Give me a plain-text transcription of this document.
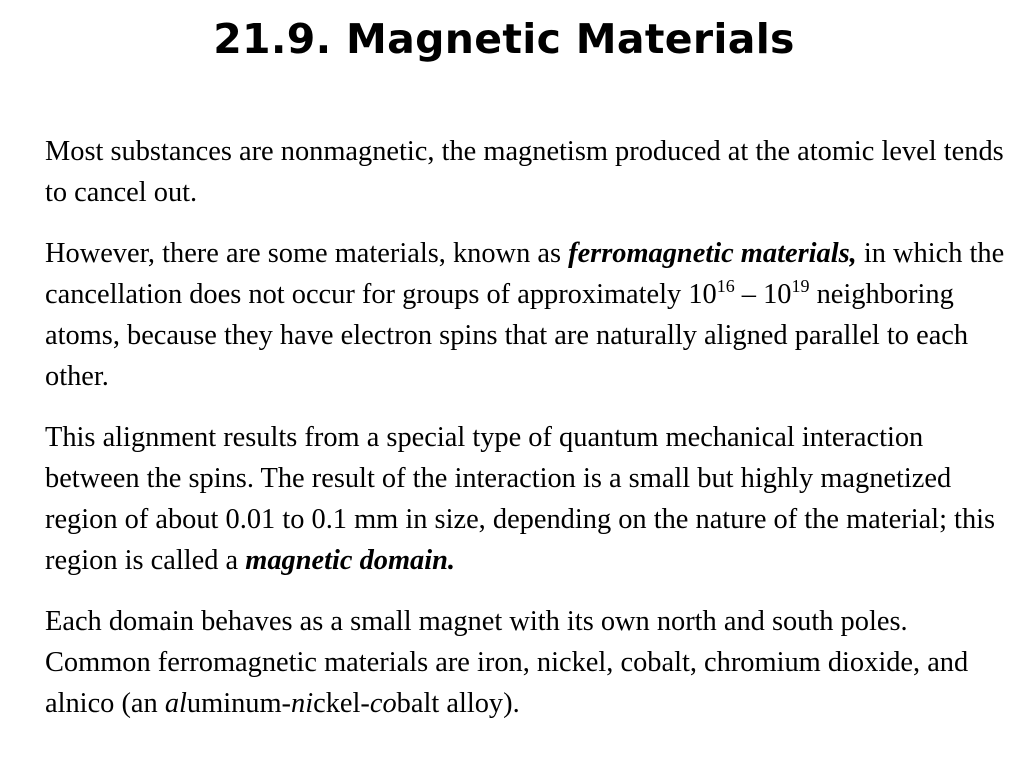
21.9. Magnetic Materials

Most substances are nonmagnetic, the magnetism produced at the atomic level tends to cancel out.

However, there are some materials, known as ferromagnetic materials, in which the cancellation does not occur for groups of approximately $10^{16} - 10^{19}$ neighboring atoms, because they have electron spins that are naturally aligned parallel to each other.

This alignment results from a special type of quantum mechanical interaction between the spins. The result of the interaction is a small but highly magnetized region of about 0.01 to 0.1 mm in size, depending on the nature of the material; this region is called a magnetic domain.

Each domain behaves as a small magnet with its own north and south poles. Common ferromagnetic materials are iron, nickel, cobalt, chromium dioxide, and alnico (an aluminum-nickel-cobalt alloy).
